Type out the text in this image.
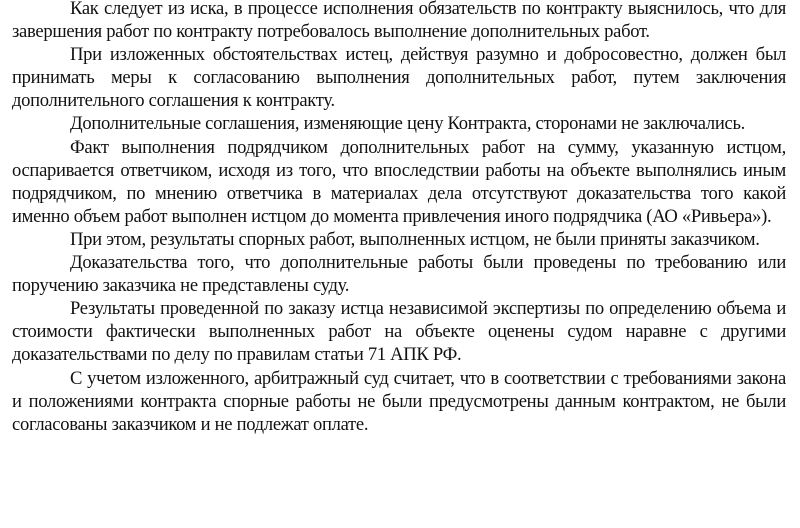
Как следует из иска, в процессе исполнения обязательств по контракту выяснилось, что для завершения работ по контракту потребовалось выполнение дополнительных работ.

При изложенных обстоятельствах истец, действуя разумно и добросовестно, должен был принимать меры к согласованию выполнения дополнительных работ, путем заключения дополнительного соглашения к контракту.

Дополнительные соглашения, изменяющие цену Контракта, сторонами не заключались.

Факт выполнения подрядчиком дополнительных работ на сумму, указанную истцом, оспаривается ответчиком, исходя из того, что впоследствии работы на объекте выполнялись иным подрядчиком, по мнению ответчика в материалах дела отсутствуют доказательства того какой именно объем работ выполнен истцом до момента привлечения иного подрядчика (АО «Ривьера»).

При этом, результаты спорных работ, выполненных истцом, не были приняты заказчиком.

Доказательства того, что дополнительные работы были проведены по требованию или поручению заказчика не представлены суду.

Результаты проведенной по заказу истца независимой экспертизы по определению объема и стоимости фактически выполненных работ на объекте оценены судом наравне с другими доказательствами по делу по правилам статьи 71 АПК РФ.

С учетом изложенного, арбитражный суд считает, что в соответствии с требованиями закона и положениями контракта спорные работы не были предусмотрены данным контрактом, не были согласованы заказчиком и не подлежат оплате.
